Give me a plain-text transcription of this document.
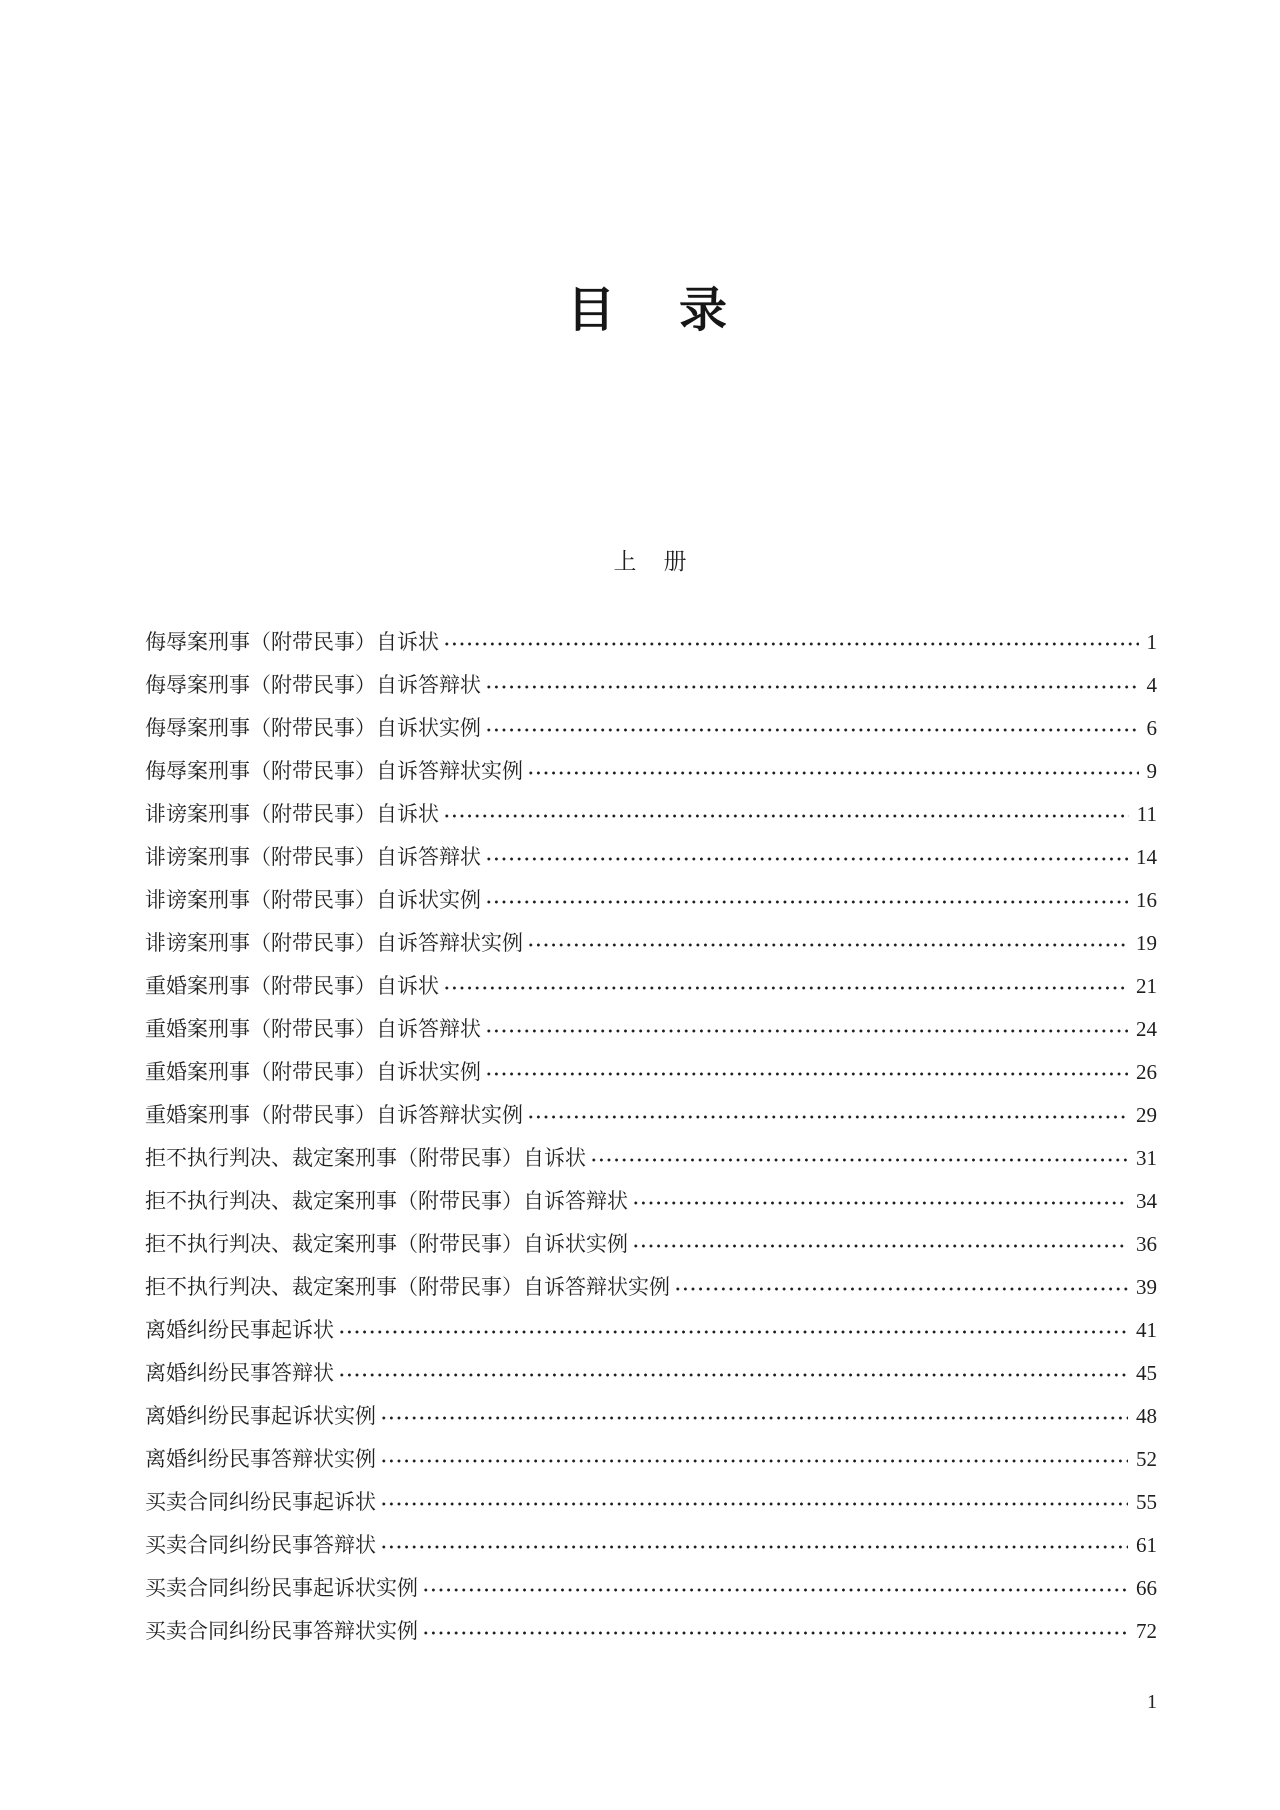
目　录
上　册
侮辱案刑事（附带民事）自诉状	1
侮辱案刑事（附带民事）自诉答辩状	4
侮辱案刑事（附带民事）自诉状实例	6
侮辱案刑事（附带民事）自诉答辩状实例	9
诽谤案刑事（附带民事）自诉状	11
诽谤案刑事（附带民事）自诉答辩状	14
诽谤案刑事（附带民事）自诉状实例	16
诽谤案刑事（附带民事）自诉答辩状实例	19
重婚案刑事（附带民事）自诉状	21
重婚案刑事（附带民事）自诉答辩状	24
重婚案刑事（附带民事）自诉状实例	26
重婚案刑事（附带民事）自诉答辩状实例	29
拒不执行判决、裁定案刑事（附带民事）自诉状	31
拒不执行判决、裁定案刑事（附带民事）自诉答辩状	34
拒不执行判决、裁定案刑事（附带民事）自诉状实例	36
拒不执行判决、裁定案刑事（附带民事）自诉答辩状实例	39
离婚纠纷民事起诉状	41
离婚纠纷民事答辩状	45
离婚纠纷民事起诉状实例	48
离婚纠纷民事答辩状实例	52
买卖合同纠纷民事起诉状	55
买卖合同纠纷民事答辩状	61
买卖合同纠纷民事起诉状实例	66
买卖合同纠纷民事答辩状实例	72
1
